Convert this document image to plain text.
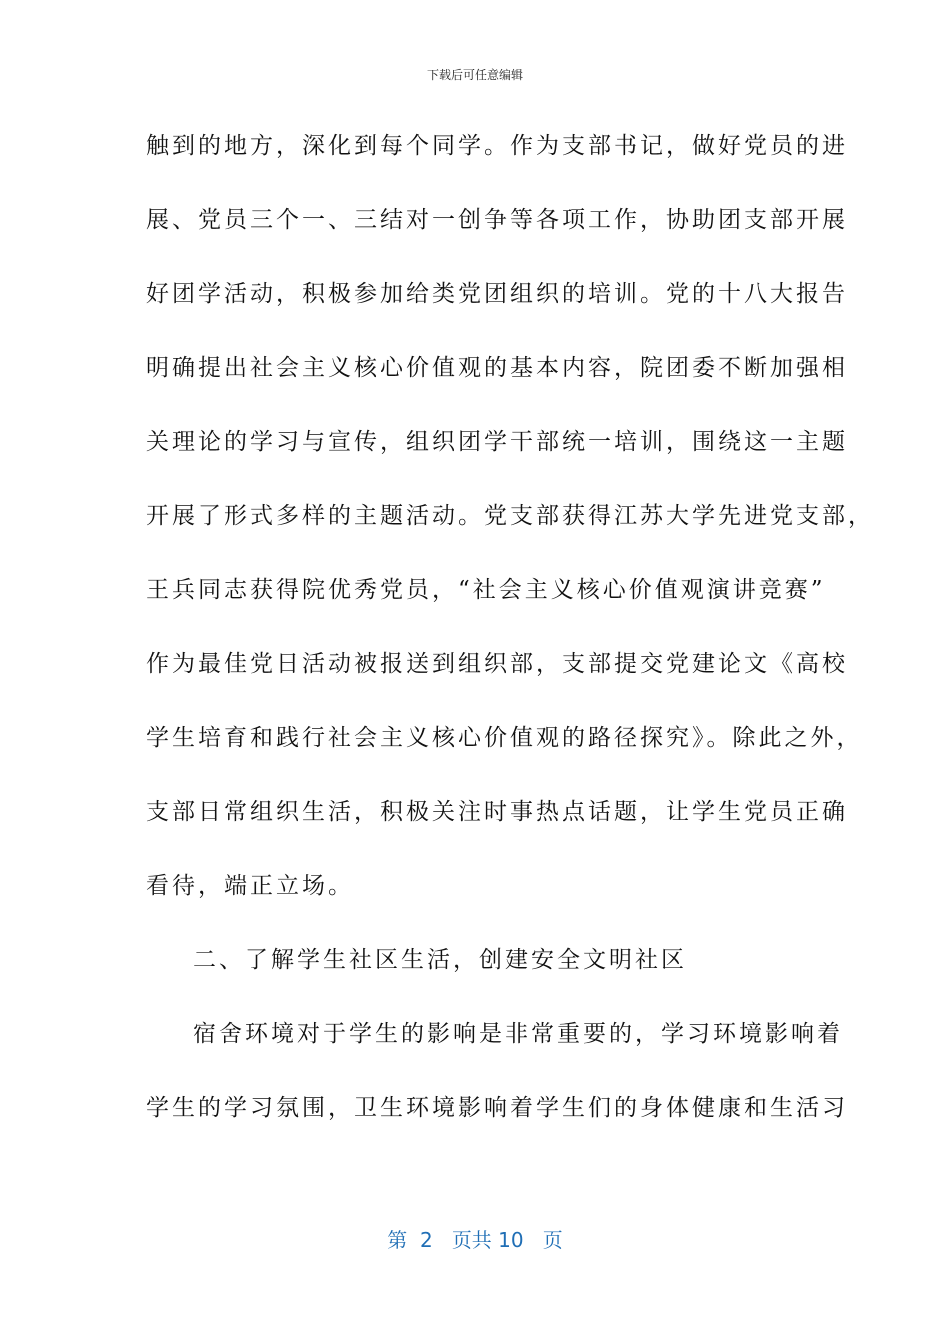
下载后可任意编辑
触到的地方，深化到每个同学。作为支部书记，做好党员的进
展、党员三个一、三结对一创争等各项工作，协助团支部开展
好团学活动，积极参加给类党团组织的培训。党的十八大报告
明确提出社会主义核心价值观的基本内容，院团委不断加强相
关理论的学习与宣传，组织团学干部统一培训，围绕这一主题
开展了形式多样的主题活动。党支部获得江苏大学先进党支部，
王兵同志获得院优秀党员，“社会主义核心价值观演讲竞赛”
作为最佳党日活动被报送到组织部，支部提交党建论文《高校
学生培育和践行社会主义核心价值观的路径探究》。除此之外，
支部日常组织生活，积极关注时事热点话题，让学生党员正确
看待，端正立场。
二、了解学生社区生活，创建安全文明社区
宿舍环境对于学生的影响是非常重要的，学习环境影响着
学生的学习氛围，卫生环境影响着学生们的身体健康和生活习
第 2 页共 10 页
